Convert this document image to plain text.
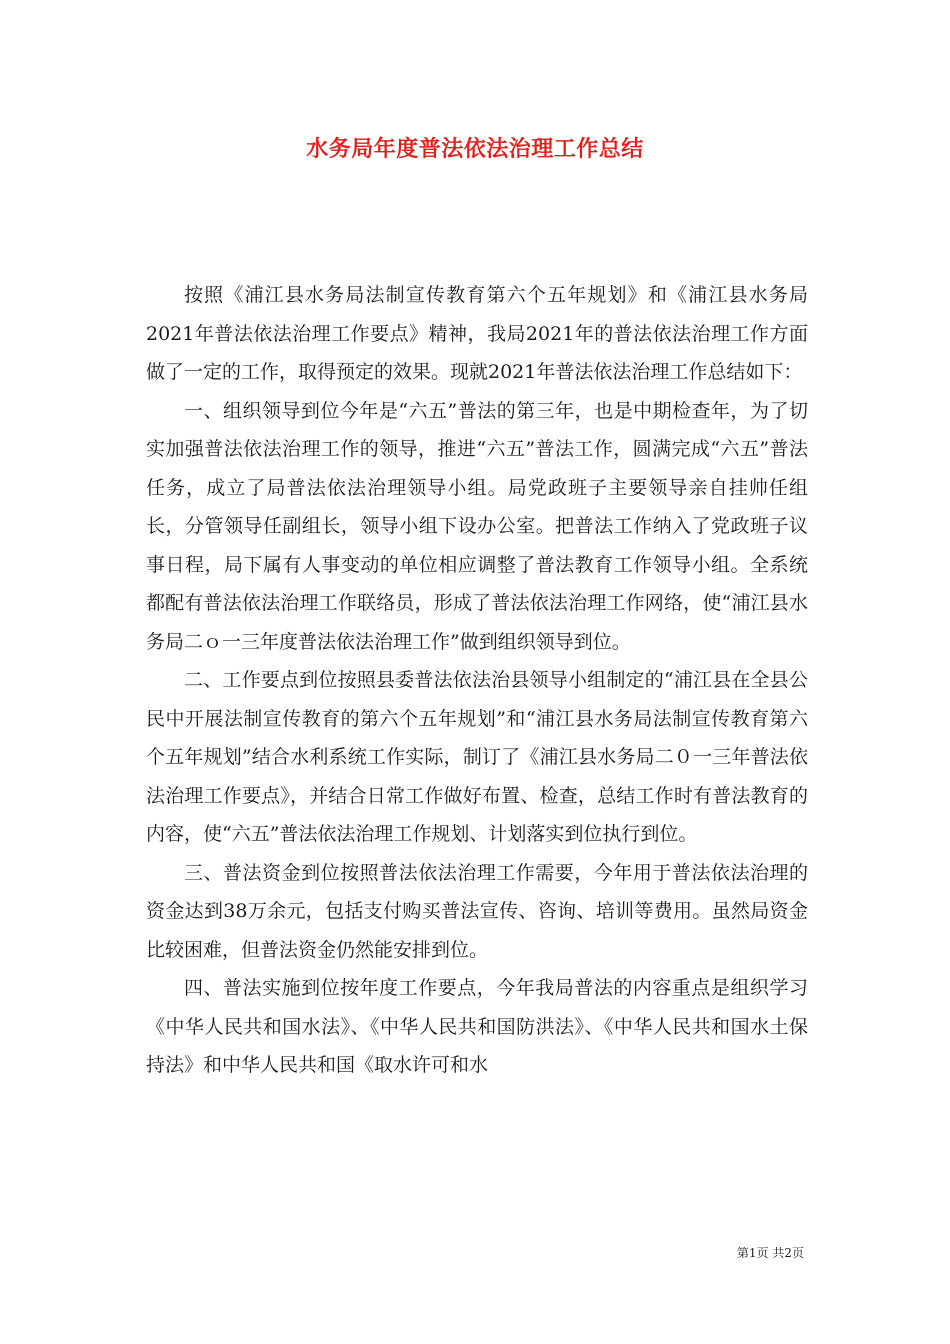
水务局年度普法依法治理工作总结

按照《浦江县水务局法制宣传教育第六个五年规划》和《浦江县水务局2021年普法依法治理工作要点》精神，我局2021年的普法依法治理工作方面做了一定的工作，取得预定的效果。现就2021年普法依法治理工作总结如下：

一、组织领导到位今年是“六五”普法的第三年，也是中期检查年，为了切实加强普法依法治理工作的领导，推进“六五”普法工作，圆满完成“六五”普法任务，成立了局普法依法治理领导小组。局党政班子主要领导亲自挂帅任组长，分管领导任副组长，领导小组下设办公室。把普法工作纳入了党政班子议事日程，局下属有人事变动的单位相应调整了普法教育工作领导小组。全系统都配有普法依法治理工作联络员，形成了普法依法治理工作网络，使“浦江县水务局二ｏ一三年度普法依法治理工作”做到组织领导到位。

二、工作要点到位按照县委普法依法治县领导小组制定的“浦江县在全县公民中开展法制宣传教育的第六个五年规划”和“浦江县水务局法制宣传教育第六个五年规划”结合水利系统工作实际，制订了《浦江县水务局二０一三年普法依法治理工作要点》，并结合日常工作做好布置、检查，总结工作时有普法教育的内容，使“六五”普法依法治理工作规划、计划落实到位执行到位。

三、普法资金到位按照普法依法治理工作需要，今年用于普法依法治理的资金达到38万余元，包括支付购买普法宣传、咨询、培训等费用。虽然局资金比较困难，但普法资金仍然能安排到位。

四、普法实施到位按年度工作要点，今年我局普法的内容重点是组织学习《中华人民共和国水法》、《中华人民共和国防洪法》、《中华人民共和国水土保持法》和中华人民共和国《取水许可和水

第1页 共2页
